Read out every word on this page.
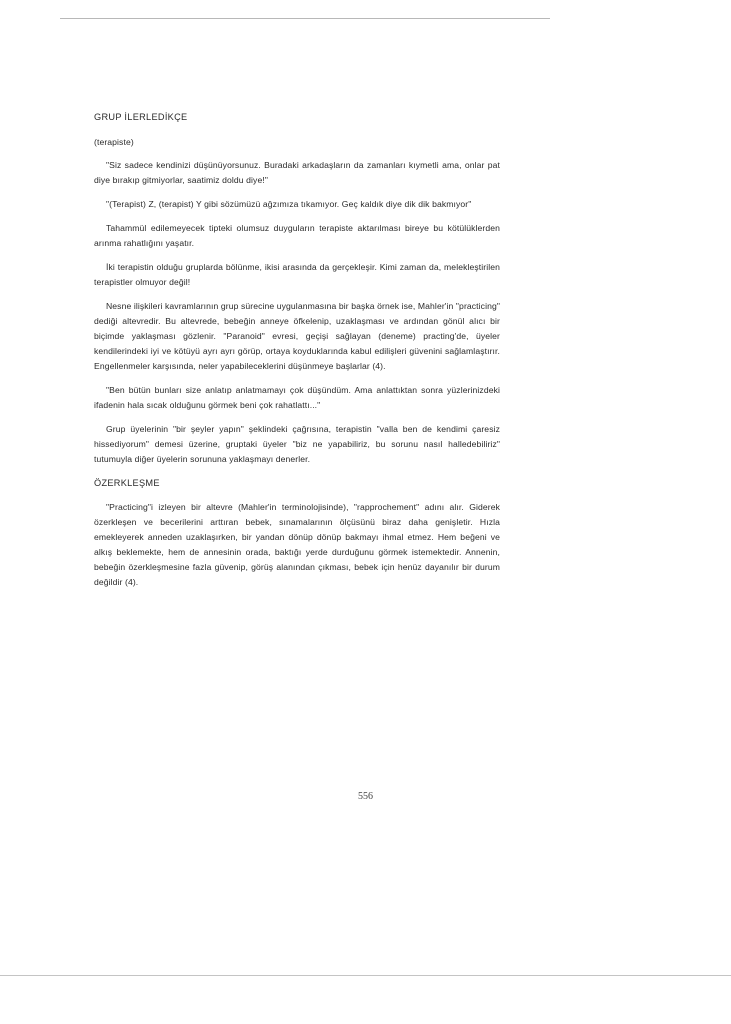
GRUP İLERLEDİKÇE
(terapiste)

"Siz sadece kendinizi düşünüyorsunuz. Buradaki arkadaşların da zamanları kıymetli ama, onlar pat diye bırakıp gitmiyorlar, saatimiz doldu diye!"

"(Terapist) Z, (terapist) Y gibi sözümüzü ağzımıza tıkamıyor. Geç kaldık diye dik dik bakmıyor"

Tahammül edilemeyecek tipteki olumsuz duyguların terapiste aktarılması bireye bu kötülüklerden arınma rahatlığını yaşatır.

İki terapistin olduğu gruplarda bölünme, ikisi arasında da gerçekleşir. Kimi zaman da, melekleştirilen terapistler olmuyor değil!

Nesne ilişkileri kavramlarının grup sürecine uygulanmasına bir başka örnek ise, Mahler'in "practicing" dediği altevredir. Bu altevrede, bebeğin anneye öfkelenip, uzaklaşması ve ardından gönül alıcı bir biçimde yaklaşması gözlenir. "Paranoid" evresi, geçişi sağlayan (deneme) practing'de, üyeler kendilerindeki iyi ve kötüyü ayrı ayrı görüp, ortaya koyduklarında kabul edilişleri güvenini sağlamlaştırır. Engellenmeler karşısında, neler yapabileceklerini düşünmeye başlarlar (4).

"Ben bütün bunları size anlatıp anlatmamayı çok düşündüm. Ama anlattıktan sonra yüzlerinizdeki ifadenin hala sıcak olduğunu görmek beni çok rahatlattı..."

Grup üyelerinin "bir şeyler yapın" şeklindeki çağrısına, terapistin "valla ben de kendimi çaresiz hissediyorum" demesi üzerine, gruptaki üyeler "biz ne yapabiliriz, bu sorunu nasıl halledebiliriz" tutumuyla diğer üyelerin sorununa yaklaşmayı denerler.

ÖZERKLEŞME

"Practicing"i izleyen bir altevre (Mahler'in terminolojisinde), "rapprochement" adını alır. Giderek özerkleşen ve becerilerini arttıran bebek, sınamalarının ölçüsünü biraz daha genişletir. Hızla emekleyerek anneden uzaklaşırken, bir yandan dönüp dönüp bakmayı ihmal etmez. Hem beğeni ve alkış beklemekte, hem de annesinin orada, baktığı yerde durduğunu görmek istemektedir. Annenin, bebeğin özerkleşmesine fazla güvenip, görüş alanından çıkması, bebek için henüz dayanılır bir durum değildir (4).

556
